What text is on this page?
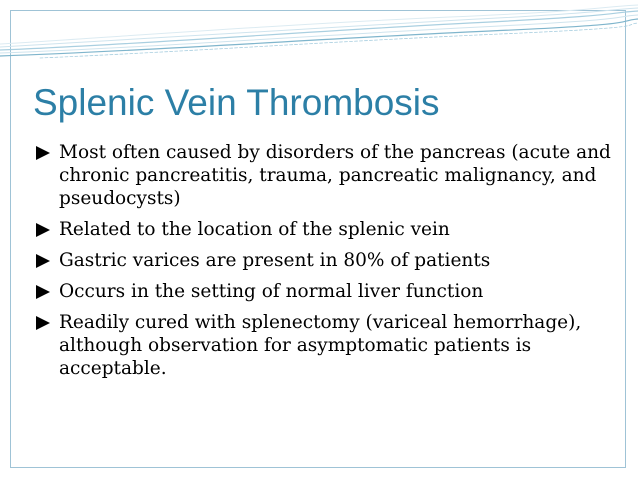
Splenic Vein Thrombosis
Most often caused by disorders of the pancreas (acute and chronic pancreatitis, trauma, pancreatic malignancy, and pseudocysts)
Related to the location of the splenic vein
Gastric varices are present in 80% of patients
Occurs in the setting of normal liver function
Readily cured with splenectomy (variceal hemorrhage), although observation for asymptomatic patients is acceptable.
